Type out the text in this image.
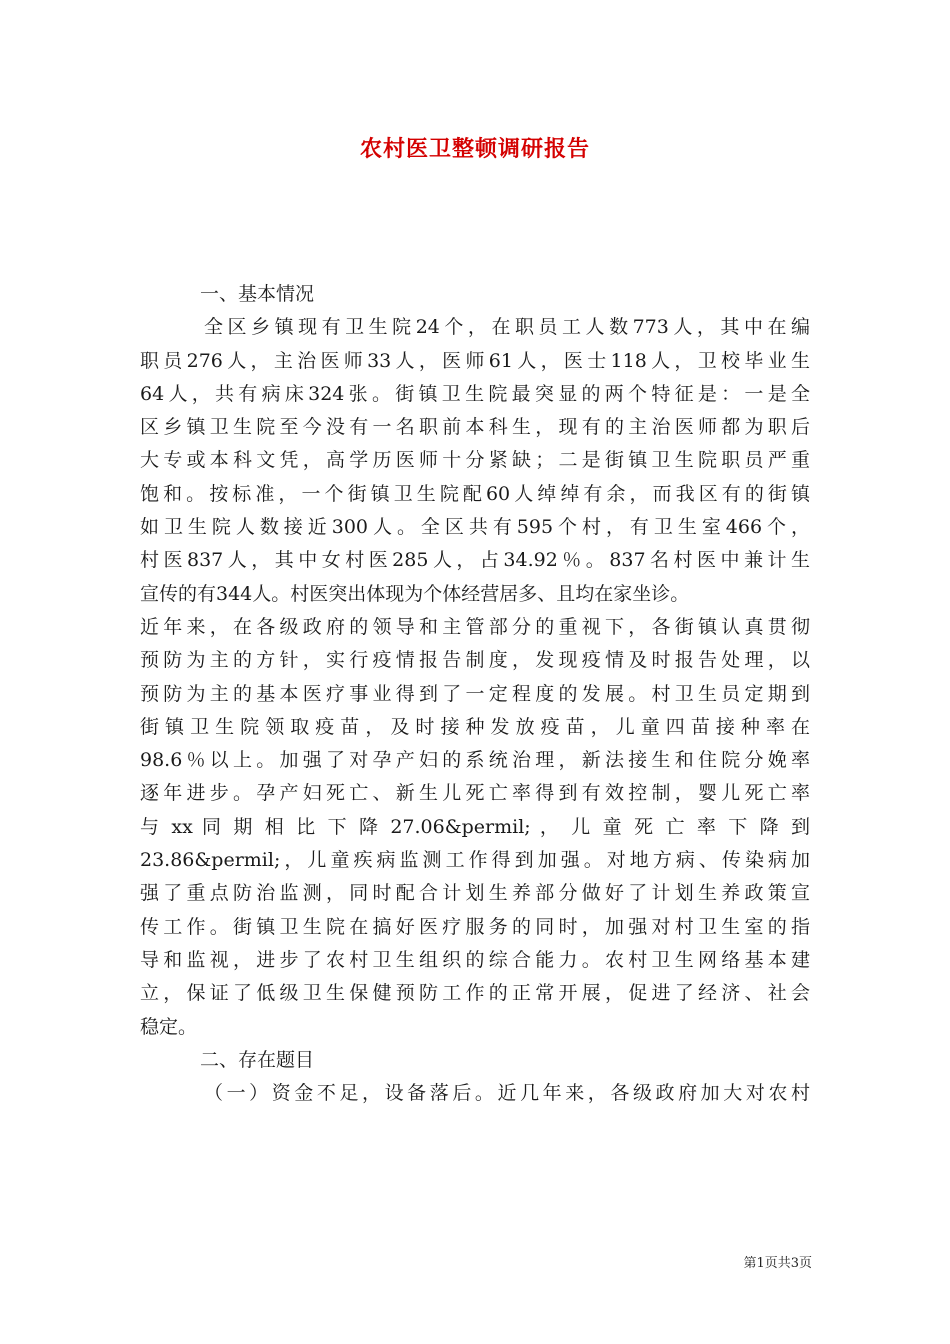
农村医卫整顿调研报告
一、基本情况
全区乡镇现有卫生院24个，在职员工人数773人，其中在编
职员276人，主治医师33人，医师61人，医士118人，卫校毕业生
64人，共有病床324张。街镇卫生院最突显的两个特征是：一是全
区乡镇卫生院至今没有一名职前本科生，现有的主治医师都为职后
大专或本科文凭，高学历医师十分紧缺；二是街镇卫生院职员严重
饱和。按标准，一个街镇卫生院配60人绰绰有余，而我区有的街镇
如卫生院人数接近300人。全区共有595个村，有卫生室466个，
村医837人，其中女村医285人，占34.92％。837名村医中兼计生
宣传的有344人。村医突出体现为个体经营居多、且均在家坐诊。
近年来，在各级政府的领导和主管部分的重视下，各街镇认真贯彻
预防为主的方针，实行疫情报告制度，发现疫情及时报告处理，以
预防为主的基本医疗事业得到了一定程度的发展。村卫生员定期到
街镇卫生院领取疫苗，及时接种发放疫苗，儿童四苗接种率在
98.6％以上。加强了对孕产妇的系统治理，新法接生和住院分娩率
逐年进步。孕产妇死亡、新生儿死亡率得到有效控制，婴儿死亡率
与 xx 同 期 相 比 下 降 27.06&permil; ， 儿 童 死 亡 率 下 降 到
23.86&permil;，儿童疾病监测工作得到加强。对地方病、传染病加
强了重点防治监测，同时配合计划生养部分做好了计划生养政策宣
传工作。街镇卫生院在搞好医疗服务的同时，加强对村卫生室的指
导和监视，进步了农村卫生组织的综合能力。农村卫生网络基本建
立，保证了低级卫生保健预防工作的正常开展，促进了经济、社会
稳定。
二、存在题目
（一）资金不足，设备落后。近几年来，各级政府加大对农村
第1页共3页
